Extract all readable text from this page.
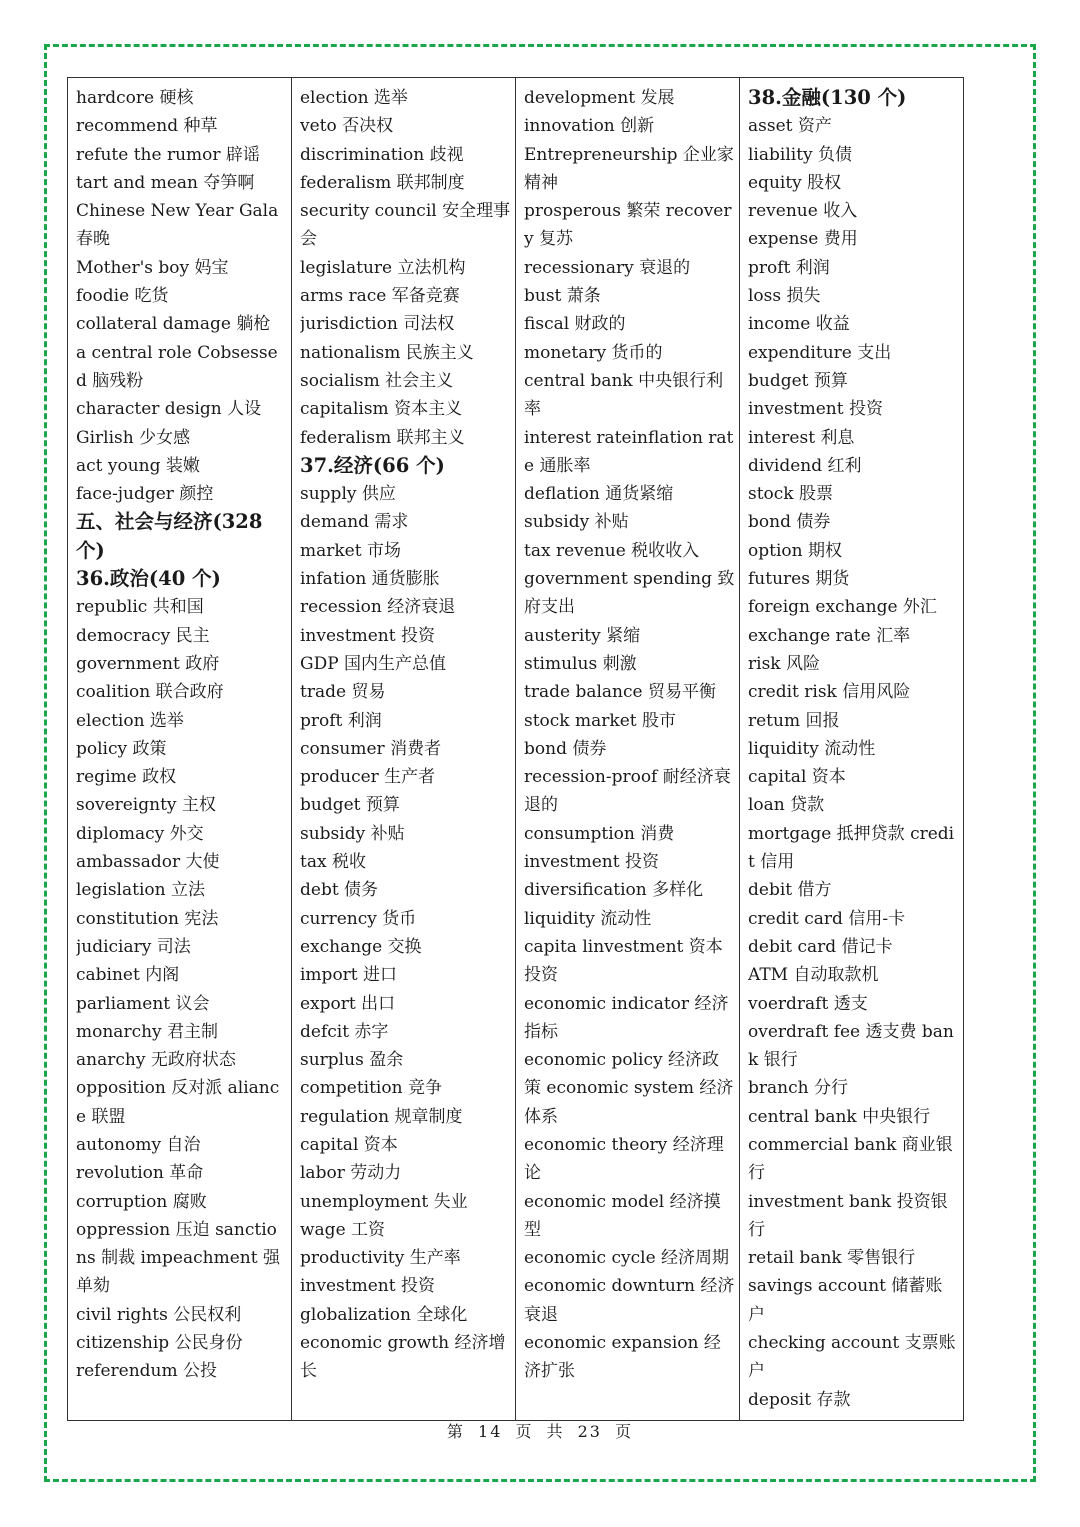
hardcore 硬核
recommend 种草
refute the rumor 辟谣
tart and mean 夺笋啊
Chinese New Year Gala春晚
Mother's boy 妈宝
foodie 吃货
collateral damage 躺枪
a central role Cobsessed 脑残粉
character design 人设
Girlish 少女感
act young 装嫩
face-judger 颜控
五、社会与经济(328个)
36.政治(40 个)
republic 共和国
democracy 民主
government 政府
coalition 联合政府
election 选举
policy 政策
regime 政权
sovereignty 主权
diplomacy 外交
ambassador 大使
legislation 立法
constitution 宪法
judiciary 司法
cabinet 内阁
parliament 议会
monarchy 君主制
anarchy 无政府状态
opposition 反对派 aliance 联盟
autonomy 自治
revolution 革命
corruption 腐败
oppression 压迫 sanctions 制裁 impeachment 强单劾
civil rights 公民权利
citizenship 公民身份
referendum 公投

election 选举
veto 否决权
discrimination 歧视
federalism 联邦制度
security council 安全理事会
legislature 立法机构
arms race 军备竞赛
jurisdiction 司法权
nationalism 民族主义
socialism 社会主义
capitalism 资本主义
federalism 联邦主义
37.经济(66 个)
supply 供应
demand 需求
market 市场
infation 通货膨胀
recession 经济衰退
investment 投资
GDP 国内生产总值
trade 贸易
proft 利润
consumer 消费者
producer 生产者
budget 预算
subsidy 补贴
tax 税收
debt 债务
currency 货币
exchange 交换
import 进口
export 出口
defcit 赤字
surplus 盈余
competition 竞争
regulation 规章制度
capital 资本
labor 劳动力
unemployment 失业
wage 工资
productivity 生产率
investment 投资
globalization 全球化
economic growth 经济增长

development 发展
innovation 创新
Entrepreneurship 企业家精神
prosperous 繁荣 recovery 复苏
recessionary 衰退的
bust 萧条
fiscal 财政的
monetary 货币的
central bank 中央银行利率
interest rateinflation rate 通胀率
deflation 通货紧缩
subsidy 补贴
tax revenue 税收收入
government spending 致府支出
austerity 紧缩
stimulus 刺激
trade balance 贸易平衡
stock market 股市
bond 债券
recession-proof 耐经济衰退的
consumption 消费
investment 投资
diversification 多样化
liquidity 流动性
capita linvestment 资本投资
economic indicator 经济指标
economic policy 经济政策 economic system 经济体系
economic theory 经济理论
economic model 经济摸型
economic cycle 经济周期 economic downturn 经济衰退
economic expansion 经济扩张

38.金融(130 个)
asset 资产
liability 负债
equity 股权
revenue 收入
expense 费用
proft 利润
loss 损失
income 收益
expenditure 支出
budget 预算
investment 投资
interest 利息
dividend 红利
stock 股票
bond 债券
option 期权
futures 期货
foreign exchange 外汇
exchange rate 汇率
risk 风险
credit risk 信用风险
retum 回报
liquidity 流动性
capital 资本
loan 贷款
mortgage 抵押贷款 credit 信用
debit 借方
credit card 信用-卡
debit card 借记卡
ATM 自动取款机
voerdraft 透支
overdraft fee 透支费 bank 银行
branch 分行
central bank 中央银行
commercial bank 商业银行
investment bank 投资银行
retail bank 零售银行
savings account 储蓄账户
checking account 支票账户
deposit 存款
第 14 页 共 23 页
